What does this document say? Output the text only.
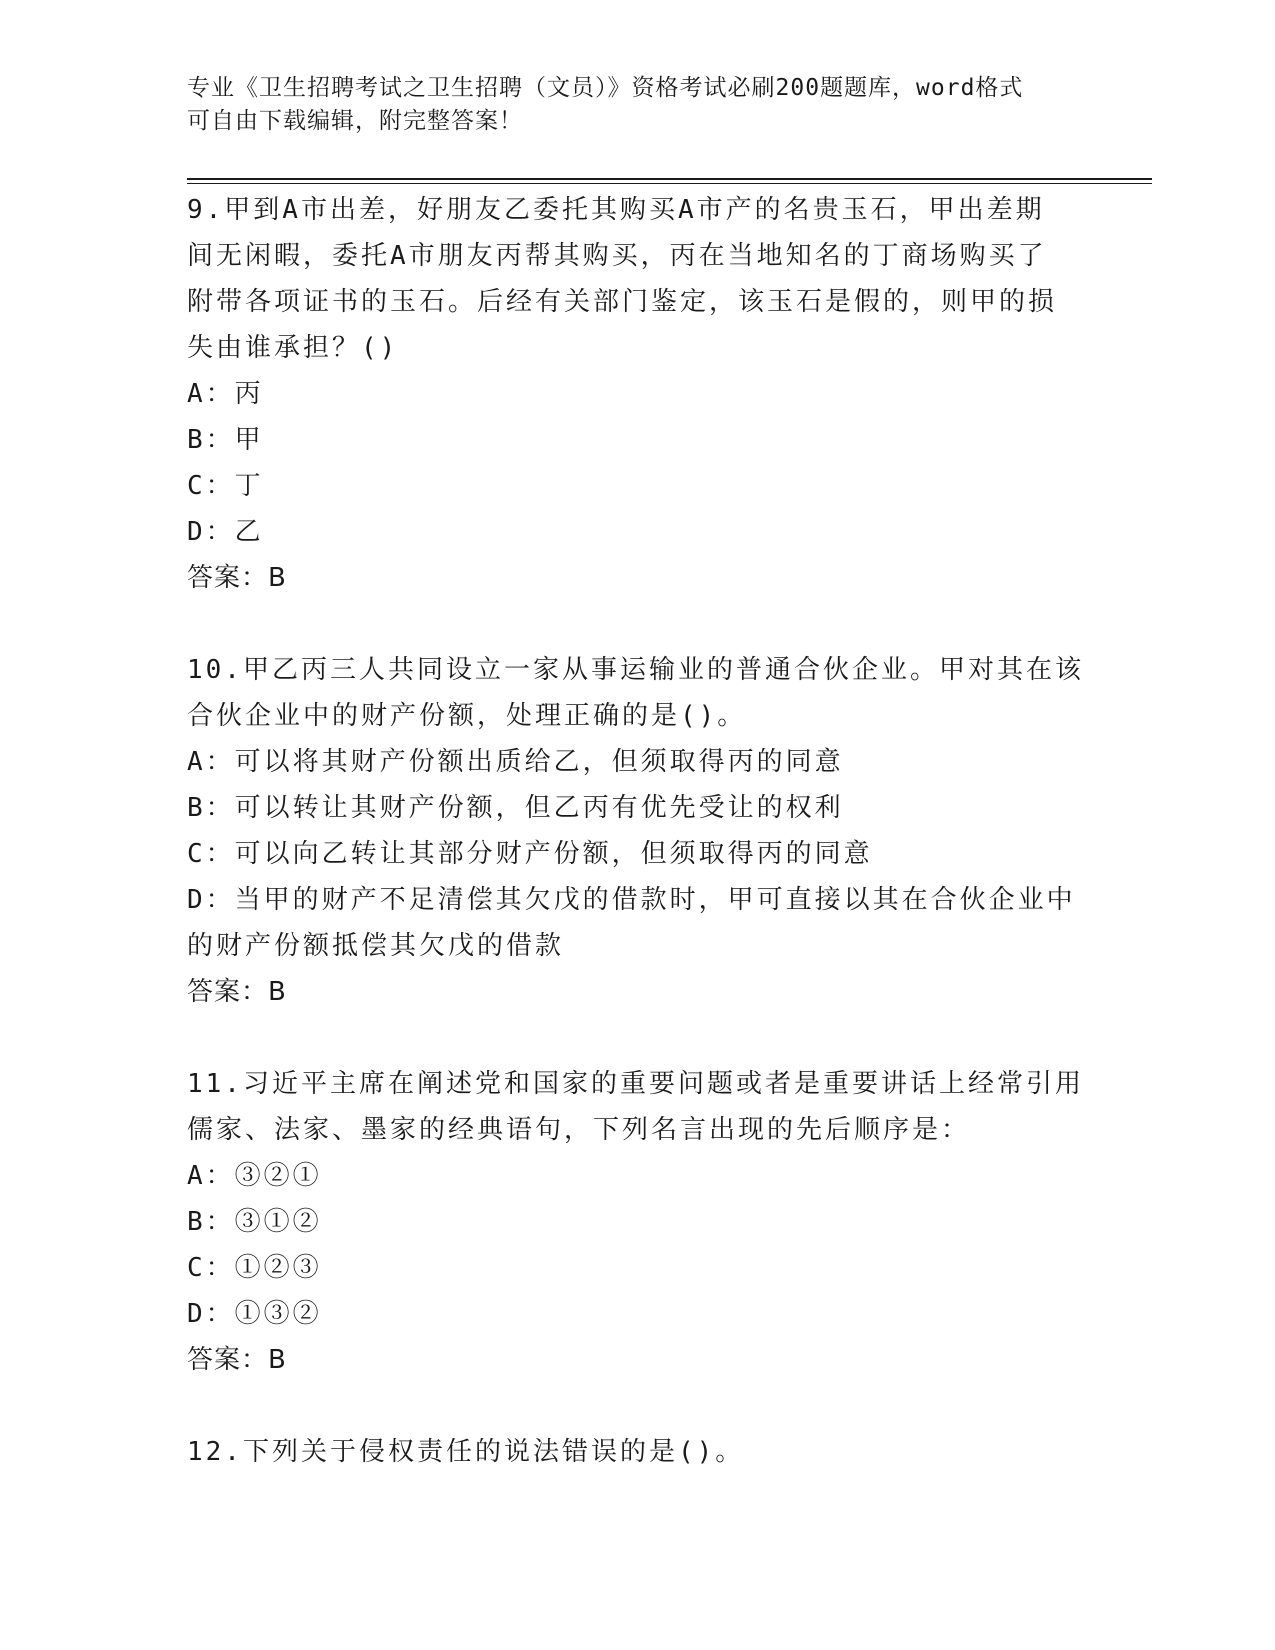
专业《卫生招聘考试之卫生招聘（文员）》资格考试必刷200题题库，word格式
可自由下载编辑，附完整答案！
9.甲到A市出差，好朋友乙委托其购买A市产的名贵玉石，甲出差期
间无闲暇，委托A市朋友丙帮其购买，丙在当地知名的丁商场购买了
附带各项证书的玉石。后经有关部门鉴定，该玉石是假的，则甲的损
失由谁承担？()
A：丙
B：甲
C：丁
D：乙
答案：B
10.甲乙丙三人共同设立一家从事运输业的普通合伙企业。甲对其在该
合伙企业中的财产份额，处理正确的是()。
A：可以将其财产份额出质给乙，但须取得丙的同意
B：可以转让其财产份额，但乙丙有优先受让的权利
C：可以向乙转让其部分财产份额，但须取得丙的同意
D：当甲的财产不足清偿其欠戊的借款时，甲可直接以其在合伙企业中
的财产份额抵偿其欠戊的借款
答案：B
11.习近平主席在阐述党和国家的重要问题或者是重要讲话上经常引用
儒家、法家、墨家的经典语句，下列名言出现的先后顺序是：
A：③②①
B：③①②
C：①②③
D：①③②
答案：B
12.下列关于侵权责任的说法错误的是()。
